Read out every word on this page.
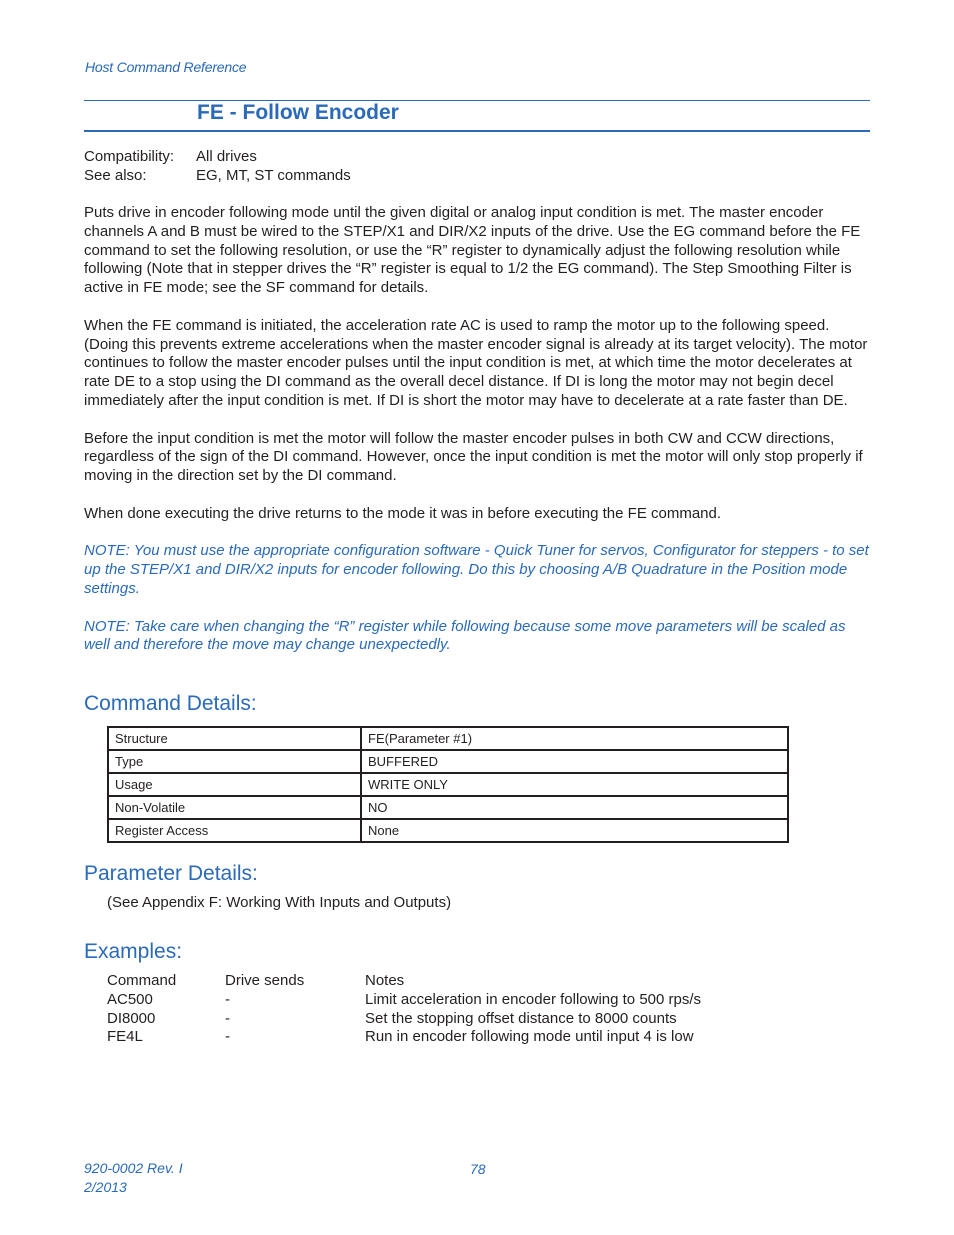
Host Command Reference
FE - Follow Encoder
Compatibility:	All drives
See also:	EG, MT, ST commands

Puts drive in encoder following mode until the given digital or analog input condition is met. The master encoder channels A and B must be wired to the STEP/X1 and DIR/X2 inputs of the drive. Use the EG command before the FE command to set the following resolution, or use the “R” register to dynamically adjust the following resolution while following (Note that in stepper drives the “R” register is equal to 1/2 the EG command). The Step Smoothing Filter is active in FE mode; see the SF command for details.

When the FE command is initiated, the acceleration rate AC is used to ramp the motor up to the following speed. (Doing this prevents extreme accelerations when the master encoder signal is already at its target velocity). The motor continues to follow the master encoder pulses until the input condition is met, at which time the motor decelerates at rate DE to a stop using the DI command as the overall decel distance. If DI is long the motor may not begin decel immediately after the input condition is met. If DI is short the motor may have to decelerate at a rate faster than DE.

Before the input condition is met the motor will follow the master encoder pulses in both CW and CCW directions, regardless of the sign of the DI command. However, once the input condition is met the motor will only stop properly if moving in the direction set by the DI command.

When done executing the drive returns to the mode it was in before executing the FE command.

NOTE: You must use the appropriate configuration software - Quick Tuner for servos, Configurator for steppers - to set up the STEP/X1 and DIR/X2 inputs for encoder following. Do this by choosing A/B Quadrature in the Position mode settings.

NOTE: Take care when changing the “R” register while following because some move parameters will be scaled as well and therefore the move may change unexpectedly.

Command Details:
Structure	FE(Parameter #1)
Type	BUFFERED
Usage	WRITE ONLY
Non-Volatile	NO
Register Access	None
Parameter Details:
(See Appendix F: Working With Inputs and Outputs)
Examples:
Command	Drive sends	Notes
AC500	-	Limit acceleration in encoder following to 500 rps/s
DI8000	-	Set the stopping offset distance to 8000 counts
FE4L	-	Run in encoder following mode until input 4 is low
920-0002 Rev. I
2/2013
78
